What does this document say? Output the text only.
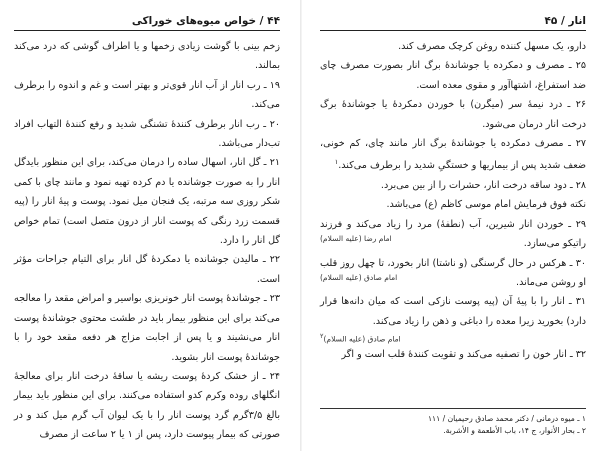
۴۴ / خواص میوه‌های خوراکی

زخم بینی با گوشت زیادی زخمها و یا اطراف گوشی که درد می‌کند بمالند.

۱۹ ـ رب انار از آب انار قوی‌تر و بهتر است و غم و اندوه را برطرف می‌کند.

۲۰ ـ رب انار برطرف کنندهٔ تشنگی شدید و رفع کنندهٔ التهاب افراد تب‌دار می‌باشد.

۲۱ ـ گل انار، اسهال ساده را درمان می‌کند، برای این منظور بایدگل انار را به صورت جوشانده یا دم کرده تهیه نمود و مانند چای با کمی شکر روزی سه مرتبه، یک فنجان میل نمود. پوست و پیهٔ انار را (پیه قسمت زرد رنگی که پوست انار از درون متصل است) تمام خواص گل انار را دارد.

۲۲ ـ مالیدن جوشانده یا دمکردهٔ گل انار برای التیام جراحات مؤثر است.

۲۳ ـ جوشاندهٔ پوست انار خونریزی بواسیر و امراض مقعد را معالجه می‌کند برای این منظور بیمار باید در طشت محتوی جوشاندهٔ پوست انار می‌نشیند و یا پس از اجابت مزاج هر دفعه مقعد خود را با جوشاندهٔ پوست انار بشوید.

۲۴ ـ از خشک کردهٔ پوست ریشه یا ساقهٔ درخت انار برای معالجهٔ انگلهای روده وکرم کدو استفاده می‌کنند. برای این منظور باید بیمار بالغ ۳/۵گرم گرد پوست انار را با یک لیوان آب گرم میل کند و در صورتی که بیمار پیوست دارد، پس از ۱ یا ۲ ساعت از مصرف

انار / ۴۵

دارو، یک مسهل کننده روغن کرچک مصرف کند.

۲۵ ـ مصرف و دمکرده یا جوشاندهٔ برگ انار بصورت مصرف چای ضد استفراغ، اشتهاآور و مقوی معده است.

۲۶ ـ درد نیمهٔ سر (میگرن) با خوردن دمکردهٔ یا جوشاندهٔ برگ درخت انار درمان می‌شود.

۲۷ ـ مصرف دمکرده یا جوشاندهٔ برگ انار مانند چای، کم خونی، ضعف شدید پس از بیماریها و خستگیِ شدید را برطرف می‌کند.$^۱$

۲۸ ـ دود ساقه درخت انار، حشرات را از بین می‌برد.

نکته فوق فرمایش امام موسی کاظم (ع) می‌باشد.

۲۹ ـ خوردن انار شیرین، آب (نطفهٔ) مرد را زیاد می‌کند و فرزند راتیکو می‌سازد.
امام رضا (علیه السلام)

۳۰ ـ هرکس در حال گرسنگی (و ناشتا) انار بخورد، تا چهل روز قلب او روشن می‌ماند.
امام صادق (علیه السلام)

۳۱ ـ انار را با پیهٔ آن (پیه پوست نازکی است که میان دانه‌ها قرار دارد) بخورید زیرا معده را دباغی و ذهن را زیاد می‌کند.

امام صادق (علیه السلام)۲

۳۲ ـ انار خون را تصفیه می‌کند و تقویت کنندهٔ قلب است و اگر

۱ ـ میوه درمانی / دکتر محمد صادق رحیمیان / ۱۱۱
۲ ـ بحار الأنوار، ج ۱۴، باب الأطعمة و الأشربة.
